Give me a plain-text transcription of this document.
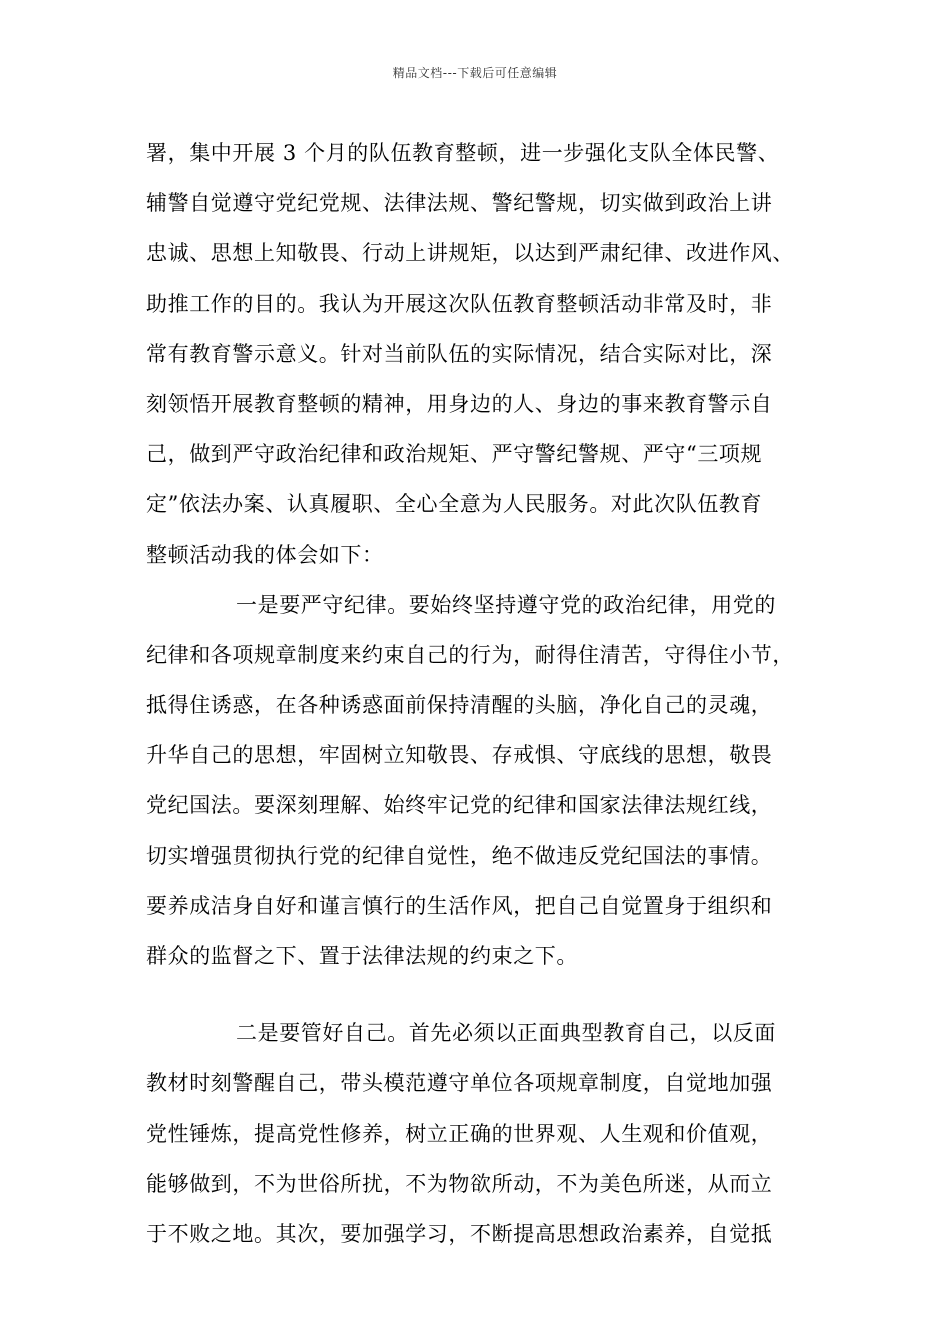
精品文档---下载后可任意编辑
署，集中开展 3 个月的队伍教育整顿，进一步强化支队全体民警、
辅警自觉遵守党纪党规、法律法规、警纪警规，切实做到政治上讲
忠诚、思想上知敬畏、行动上讲规矩，以达到严肃纪律、改进作风、
助推工作的目的。我认为开展这次队伍教育整顿活动非常及时，非
常有教育警示意义。针对当前队伍的实际情况，结合实际对比，深
刻领悟开展教育整顿的精神，用身边的人、身边的事来教育警示自
己，做到严守政治纪律和政治规矩、严守警纪警规、严守“三项规
定”依法办案、认真履职、全心全意为人民服务。对此次队伍教育
整顿活动我的体会如下：
一是要严守纪律。要始终坚持遵守党的政治纪律，用党的
纪律和各项规章制度来约束自己的行为，耐得住清苦，守得住小节，
抵得住诱惑，在各种诱惑面前保持清醒的头脑，净化自己的灵魂，
升华自己的思想，牢固树立知敬畏、存戒惧、守底线的思想，敬畏
党纪国法。要深刻理解、始终牢记党的纪律和国家法律法规红线，
切实增强贯彻执行党的纪律自觉性，绝不做违反党纪国法的事情。
要养成洁身自好和谨言慎行的生活作风，把自己自觉置身于组织和
群众的监督之下、置于法律法规的约束之下。
二是要管好自己。首先必须以正面典型教育自己，以反面
教材时刻警醒自己，带头模范遵守单位各项规章制度，自觉地加强
党性锤炼，提高党性修养，树立正确的世界观、人生观和价值观，
能够做到，不为世俗所扰，不为物欲所动，不为美色所迷，从而立
于不败之地。其次，要加强学习，不断提高思想政治素养，自觉抵
